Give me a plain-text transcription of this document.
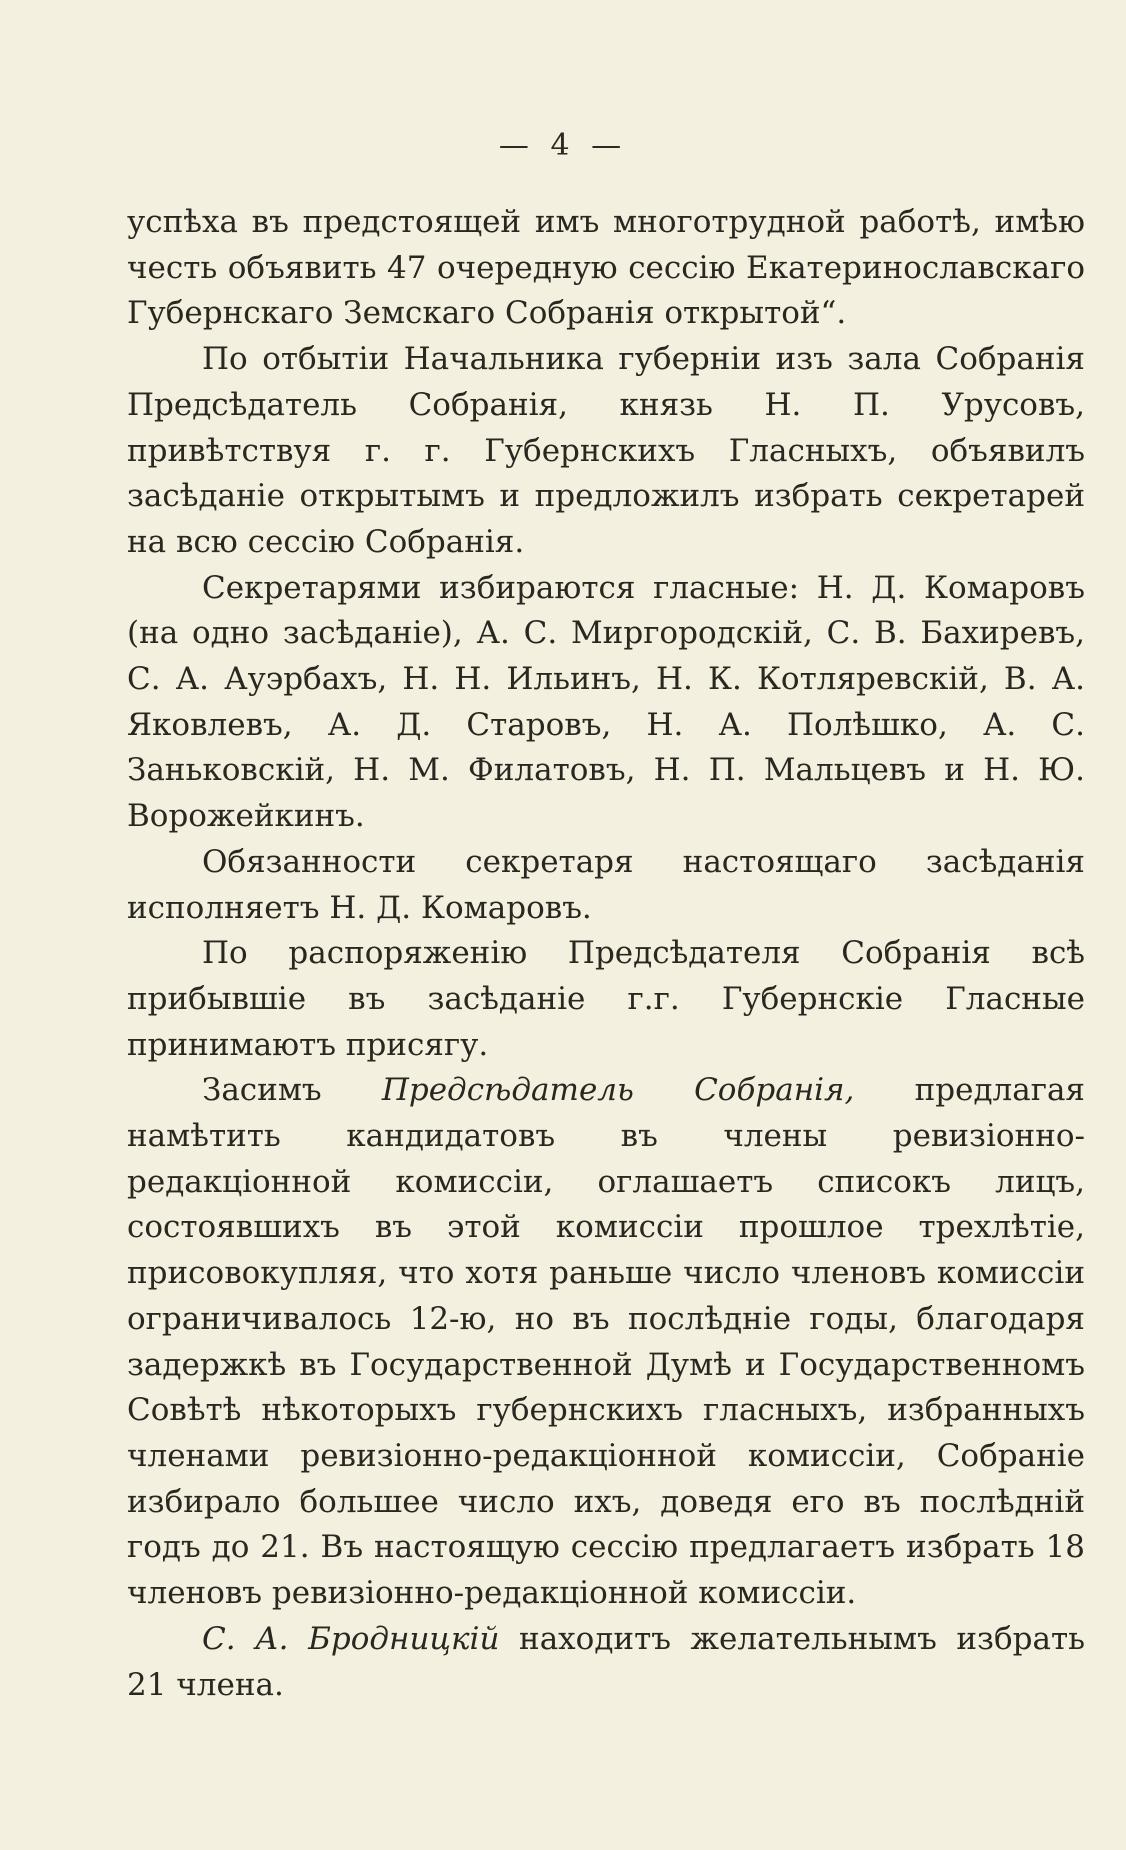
— 4 —

успѣха въ предстоящей имъ многотрудной работѣ, имѣю честь объявить 47 очередную сессію Екатеринославскаго Губернскаго Земскаго Собранія открытой“.

По отбытіи Начальника губерніи изъ зала Собранія Предсѣдатель Собранія, князь Н. П. Урусовъ, привѣтствуя г. г. Губернскихъ Гласныхъ, объявилъ засѣданіе открытымъ и предложилъ избрать секретарей на всю сессію Собранія.

Секретарями избираются гласные: Н. Д. Комаровъ (на одно засѣданіе), А. С. Миргородскій, С. В. Бахиревъ, С. А. Ауэрбахъ, Н. Н. Ильинъ, Н. К. Котляревскій, В. А. Яковлевъ, А. Д. Старовъ, Н. А. Полѣшко, А. С. Заньковскій, Н. М. Филатовъ, Н. П. Мальцевъ и Н. Ю. Ворожейкинъ.

Обязанности секретаря настоящаго засѣданія исполняетъ Н. Д. Комаровъ.

По распоряженію Предсѣдателя Собранія всѣ прибывшіе въ засѣданіе г.г. Губернскіе Гласные принимаютъ присягу.

Засимъ Предсѣдатель Собранія, предлагая намѣтить кандидатовъ въ члены ревизіонно-редакціонной комиссіи, оглашаетъ списокъ лицъ, состоявшихъ въ этой комиссіи прошлое трехлѣтіе, присовокупляя, что хотя раньше число членовъ комиссіи ограничивалось 12-ю, но въ послѣдніе годы, благодаря задержкѣ въ Государственной Думѣ и Государственномъ Совѣтѣ нѣкоторыхъ губернскихъ гласныхъ, избранныхъ членами ревизіонно-редакціонной комиссіи, Собраніе избирало большее число ихъ, доведя его въ послѣдній годъ до 21. Въ настоящую сессію предлагаетъ избрать 18 членовъ ревизіонно-редакціонной комиссіи.

С. А. Бродницкій находитъ желательнымъ избрать 21 члена.
